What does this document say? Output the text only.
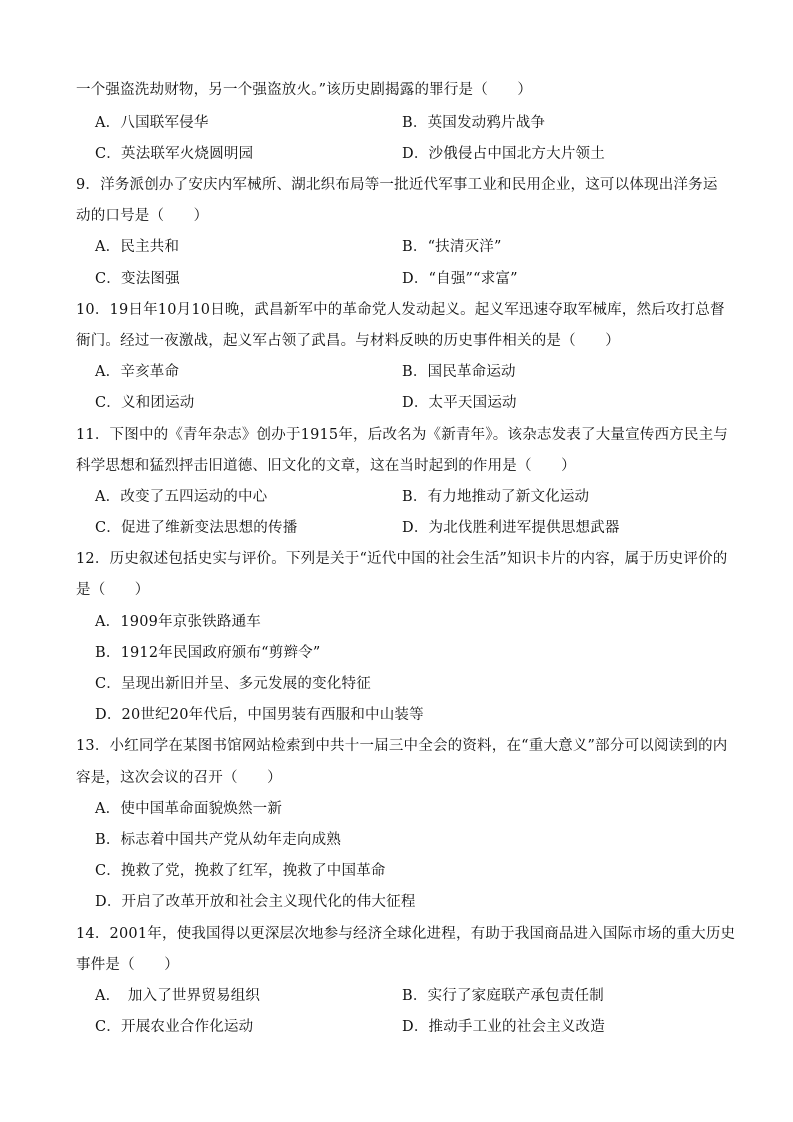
一个强盗洗劫财物，另一个强盗放火。”该历史剧揭露的罪行是（　　）
A．八国联军侵华	B．英国发动鸦片战争
C．英法联军火烧圆明园	D．沙俄侵占中国北方大片领土
9．洋务派创办了安庆内军械所、湖北织布局等一批近代军事工业和民用企业，这可以体现出洋务运
动的口号是（　　）
A．民主共和	B．“扶清灭洋”
C．变法图强	D．“自强”“求富”
10．19日年10月10日晚，武昌新军中的革命党人发动起义。起义军迅速夺取军械库，然后攻打总督
衙门。经过一夜激战，起义军占领了武昌。与材料反映的历史事件相关的是（　　）
A．辛亥革命	B．国民革命运动
C．义和团运动	D．太平天国运动
11．下图中的《青年杂志》创办于1915年，后改名为《新青年》。该杂志发表了大量宣传西方民主与
科学思想和猛烈抨击旧道德、旧文化的文章，这在当时起到的作用是（　　）
A．改变了五四运动的中心	B．有力地推动了新文化运动
C．促进了维新变法思想的传播	D．为北伐胜利进军提供思想武器
12．历史叙述包括史实与评价。下列是关于“近代中国的社会生活”知识卡片的内容，属于历史评价的
是（　　）
A．1909年京张铁路通车
B．1912年民国政府颁布“剪辫令”
C．呈现出新旧并呈、多元发展的变化特征
D．20世纪20年代后，中国男装有西服和中山装等
13．小红同学在某图书馆网站检索到中共十一届三中全会的资料，在“重大意义”部分可以阅读到的内
容是，这次会议的召开（　　）
A．使中国革命面貌焕然一新
B．标志着中国共产党从幼年走向成熟
C．挽救了党，挽救了红军，挽救了中国革命
D．开启了改革开放和社会主义现代化的伟大征程
14．2001年，使我国得以更深层次地参与经济全球化进程，有助于我国商品进入国际市场的重大历史
事件是（　　）
A．　加入了世界贸易组织	B．实行了家庭联产承包责任制
C．开展农业合作化运动	D．推动手工业的社会主义改造
